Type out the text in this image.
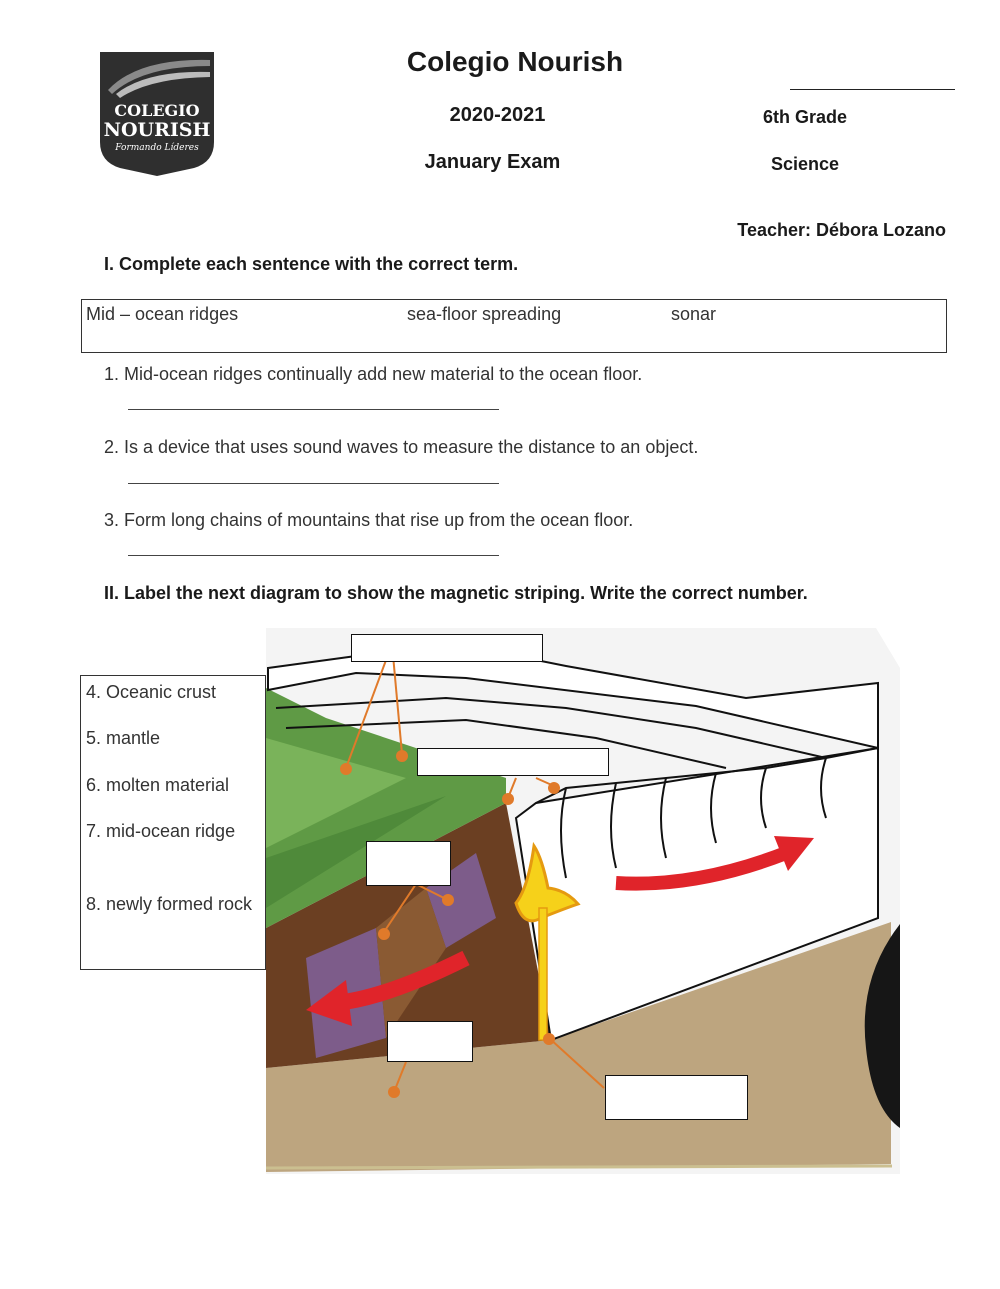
COLEGIO
NOURISH
Formando Líderes
Colegio Nourish
2020-2021
January Exam
6th Grade
Science
Teacher: Débora Lozano
I. Complete each sentence with the correct term.
Mid – ocean ridges	sea-floor spreading	sonar
1. Mid-ocean ridges continually add new material to the ocean floor.
2. Is a device that uses sound waves to measure the distance to an object.
3. Form long chains of mountains that rise up from the ocean floor.
II. Label the next diagram to show the magnetic striping. Write the correct number.
4. Oceanic crust
5. mantle
6. molten material
7. mid-ocean ridge
8. newly formed rock
